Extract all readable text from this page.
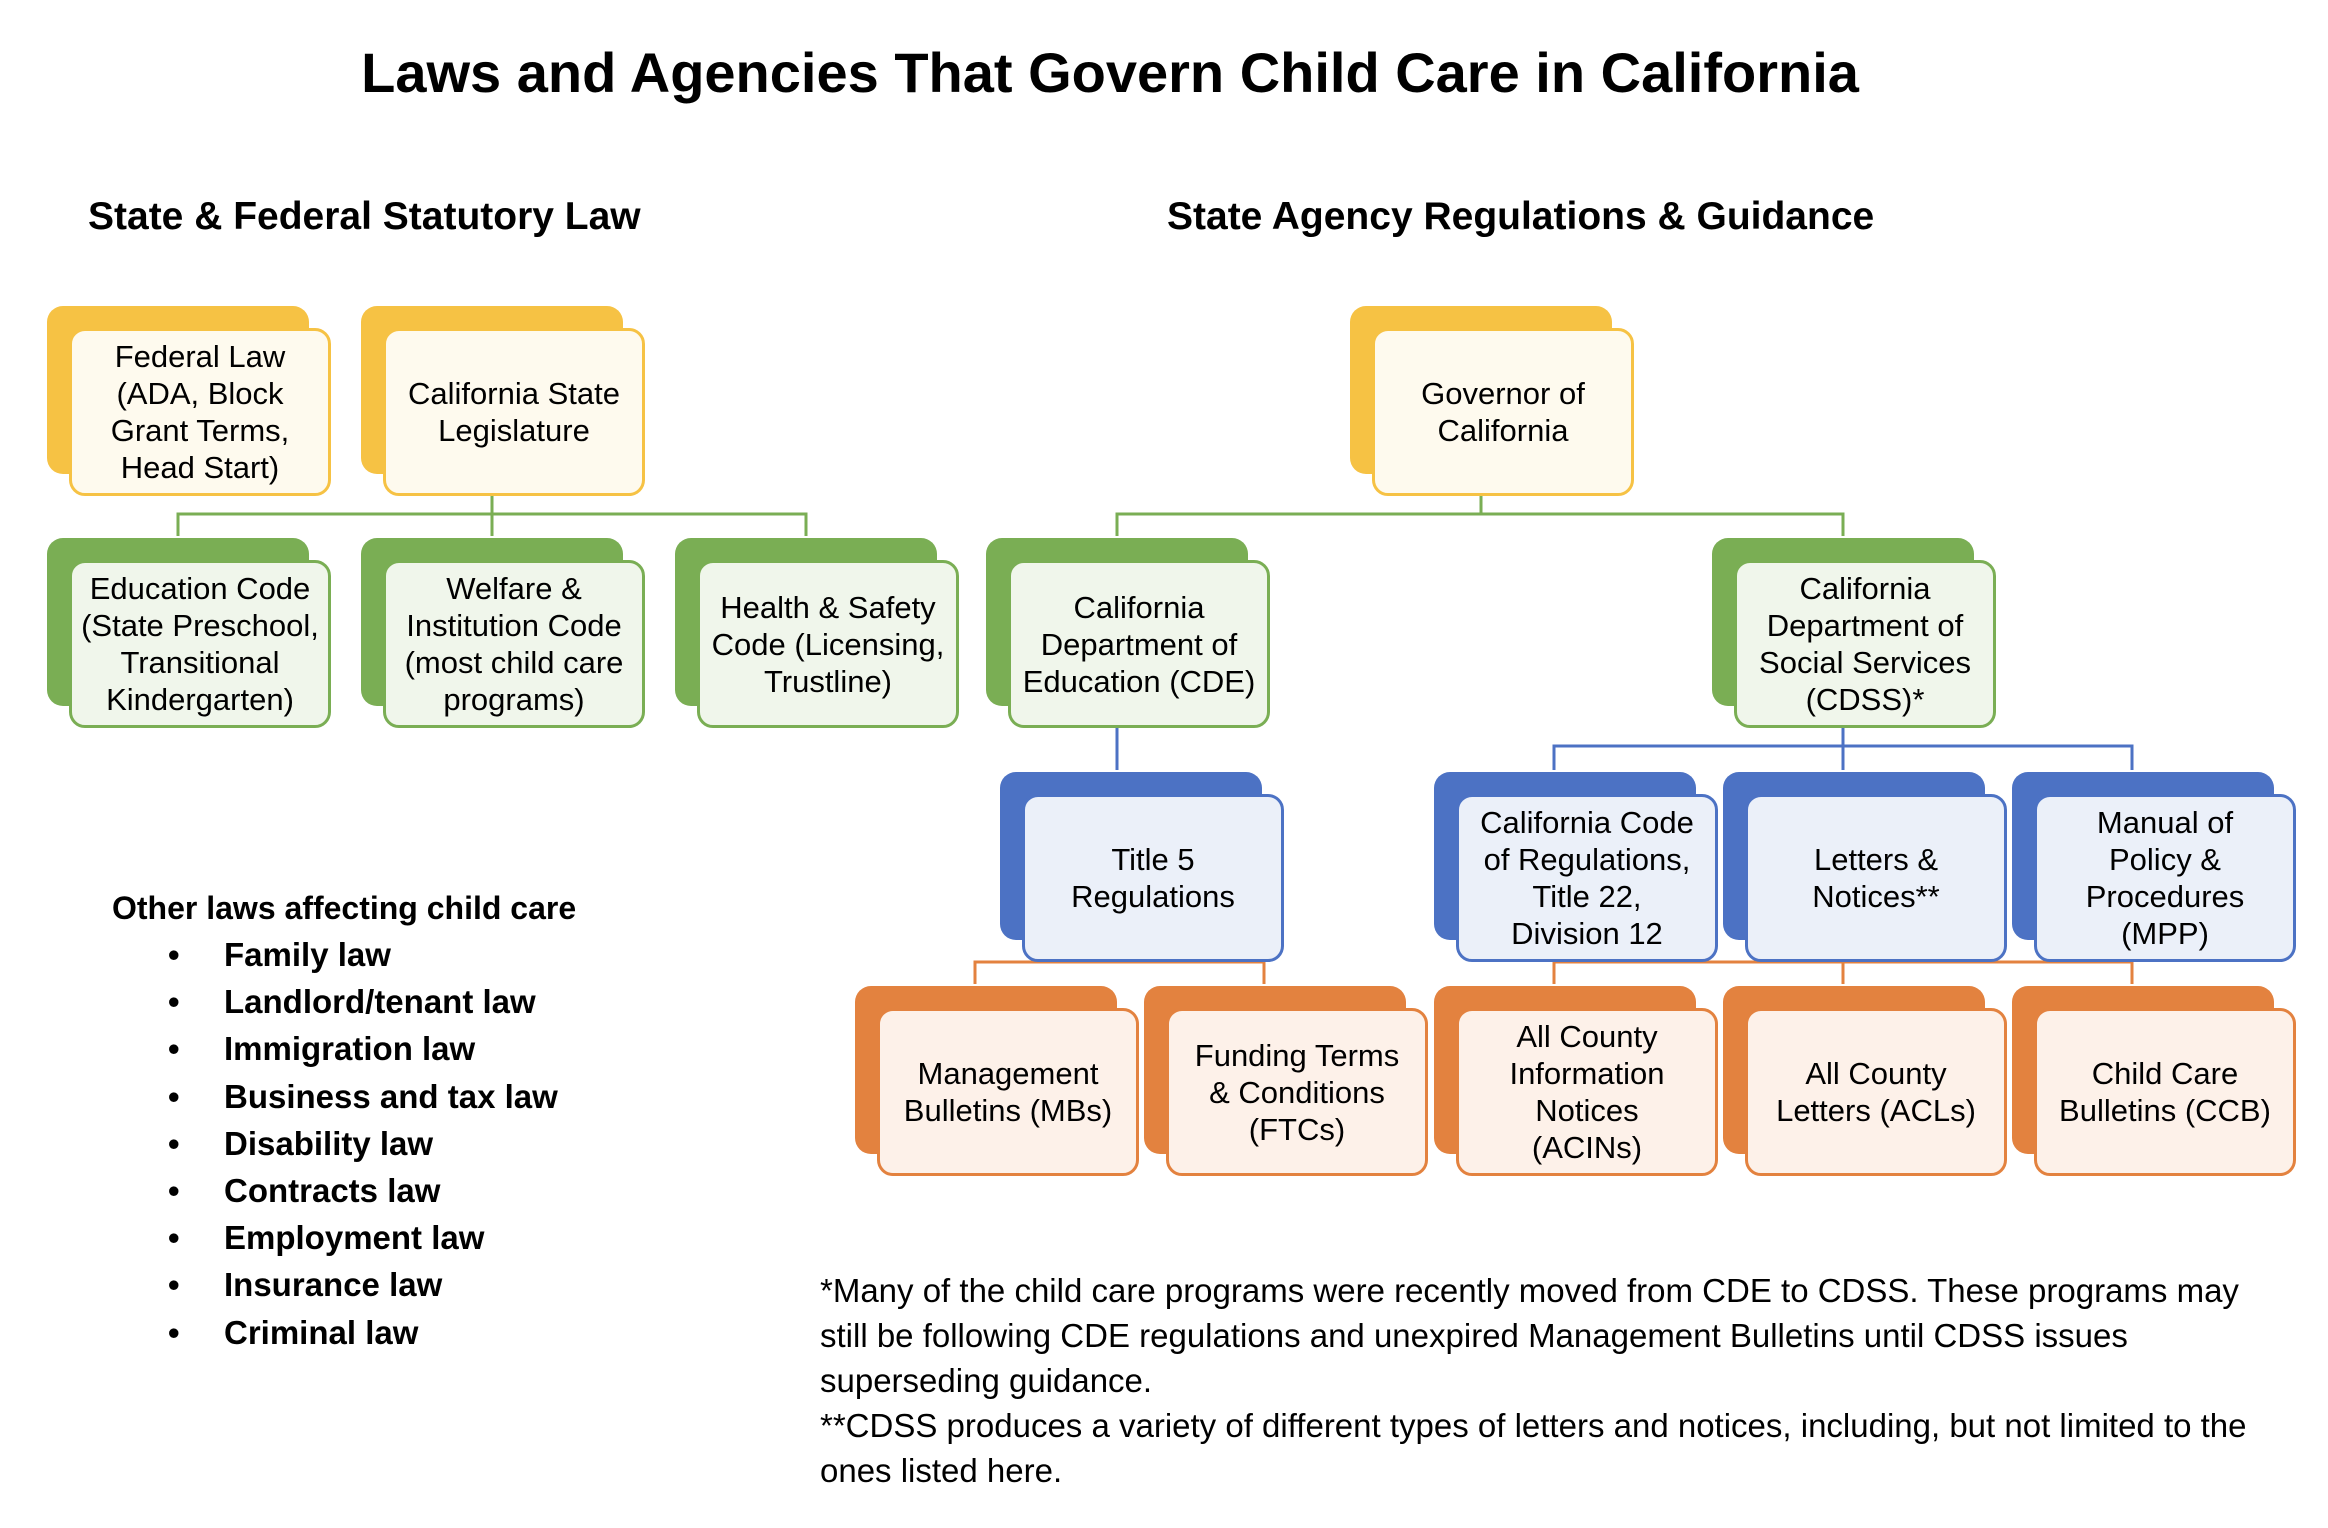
Laws and Agencies That Govern Child Care in California
State & Federal Statutory Law	State Agency Regulations & Guidance
Federal Law
(ADA, Block
Grant Terms,
Head Start)
California State
Legislature
Education Code
(State Preschool,
Transitional
Kindergarten)
Welfare &
Institution Code
(most child care
programs)
Health & Safety
Code (Licensing,
Trustline)
Governor of
California
California
Department of
Education (CDE)
California
Department of
Social Services
(CDSS)*
Title 5
Regulations
California Code
of Regulations,
Title 22,
Division 12
Letters &
Notices**
Manual of
Policy &
Procedures
(MPP)
Management
Bulletins (MBs)
Funding Terms
& Conditions
(FTCs)
All County
Information
Notices
(ACINs)
All County
Letters (ACLs)
Child Care
Bulletins (CCB)
Other laws affecting child care
• Family law
• Landlord/tenant law
• Immigration law
• Business and tax law
• Disability law
• Contracts law
• Employment law
• Insurance law
• Criminal law

*Many of the child care programs were recently moved from CDE to CDSS. These programs may still be following CDE regulations and unexpired Management Bulletins until CDSS issues superseding guidance.

**CDSS produces a variety of different types of letters and notices, including, but not limited to the ones listed here.
